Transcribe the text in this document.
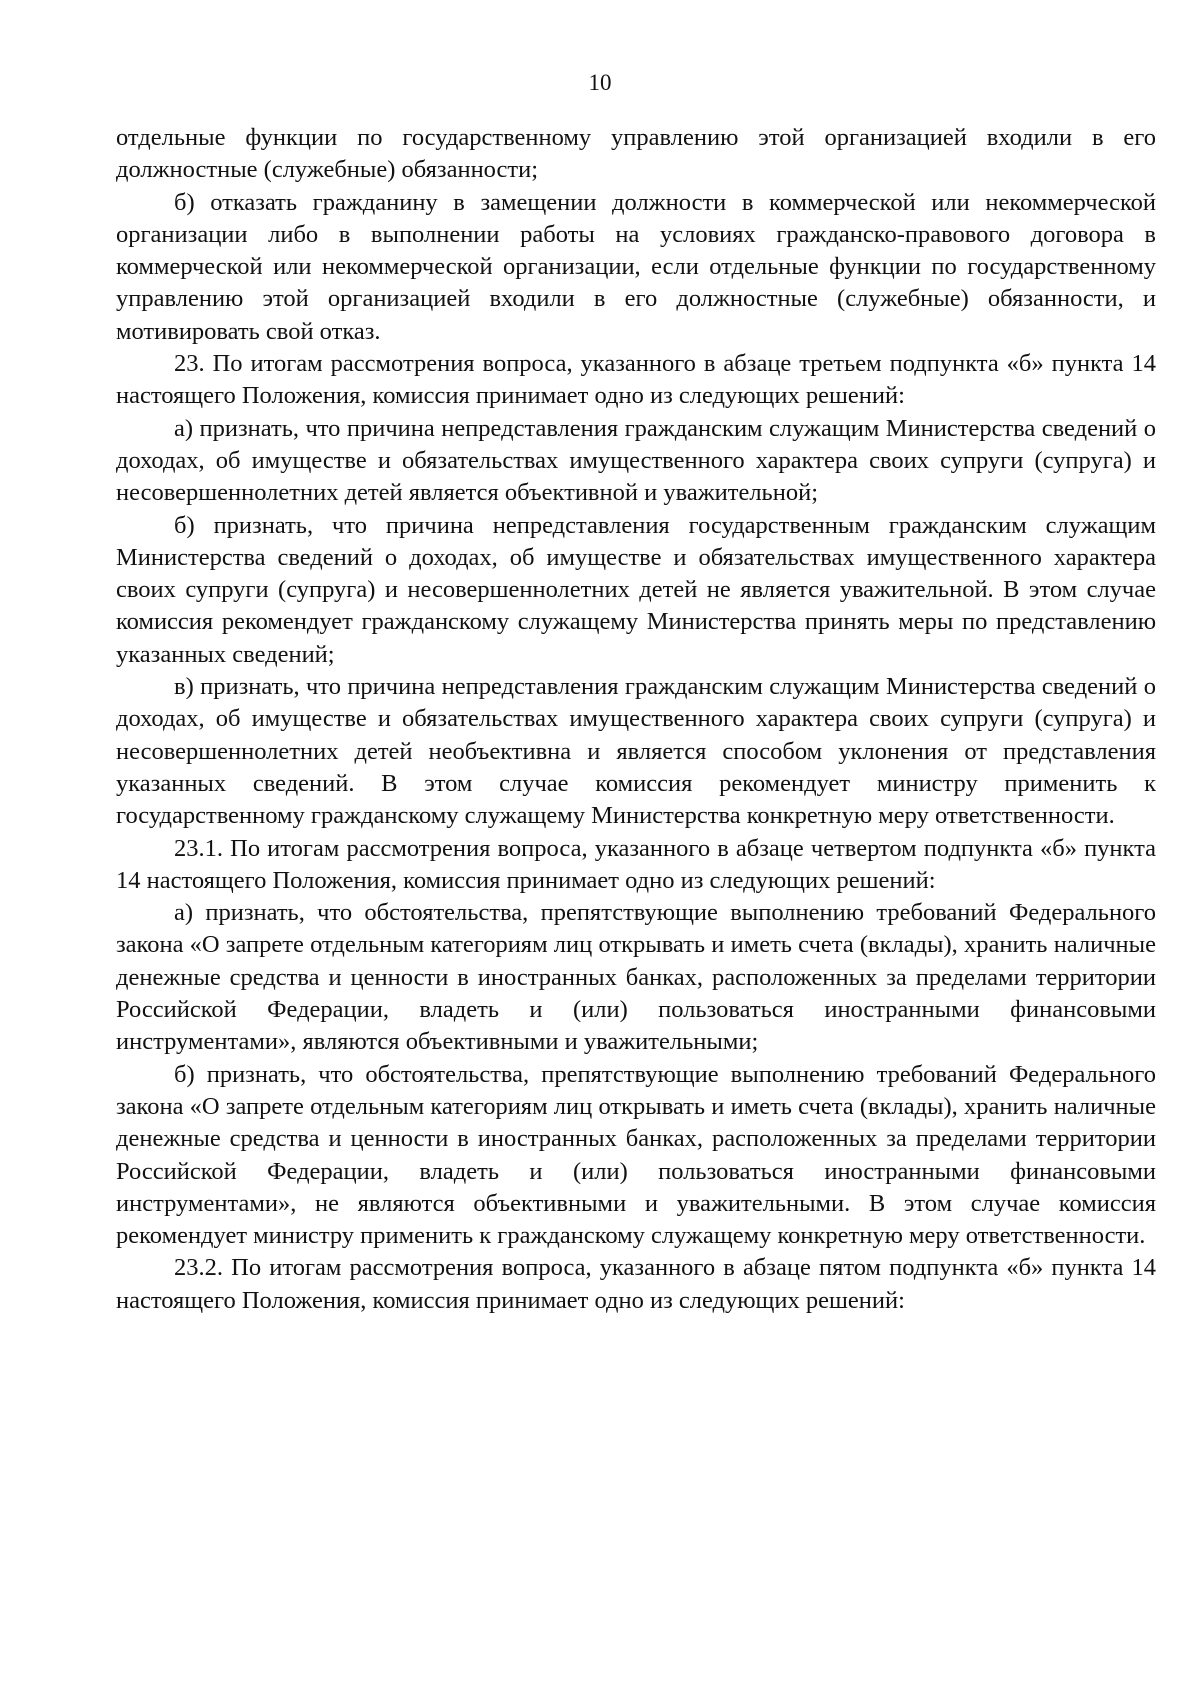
10

отдельные функции по государственному управлению этой организацией входили в его должностные (служебные) обязанности;

б) отказать гражданину в замещении должности в коммерческой или некоммерческой организации либо в выполнении работы на условиях гражданско-правового договора в коммерческой или некоммерческой организации, если отдельные функции по государственному управлению этой организацией входили в его должностные (служебные) обязанности, и мотивировать свой отказ.

23. По итогам рассмотрения вопроса, указанного в абзаце третьем подпункта «б» пункта 14 настоящего Положения, комиссия принимает одно из следующих решений:

а) признать, что причина непредставления гражданским служащим Министерства сведений о доходах, об имуществе и обязательствах имущественного характера своих супруги (супруга) и несовершеннолетних детей является объективной и уважительной;

б) признать, что причина непредставления государственным гражданским служащим Министерства сведений о доходах, об имуществе и обязательствах имущественного характера своих супруги (супруга) и несовершеннолетних детей не является уважительной. В этом случае комиссия рекомендует гражданскому служащему Министерства принять меры по представлению указанных сведений;

в) признать, что причина непредставления гражданским служащим Министерства сведений о доходах, об имуществе и обязательствах имущественного характера своих супруги (супруга) и несовершеннолетних детей необъективна и является способом уклонения от представления указанных сведений. В этом случае комиссия рекомендует министру применить к государственному гражданскому служащему Министерства конкретную меру ответственности.

23.1. По итогам рассмотрения вопроса, указанного в абзаце четвертом подпункта «б» пункта 14 настоящего Положения, комиссия принимает одно из следующих решений:

а) признать, что обстоятельства, препятствующие выполнению требований Федерального закона «О запрете отдельным категориям лиц открывать и иметь счета (вклады), хранить наличные денежные средства и ценности в иностранных банках, расположенных за пределами территории Российской Федерации, владеть и (или) пользоваться иностранными финансовыми инструментами», являются объективными и уважительными;

б) признать, что обстоятельства, препятствующие выполнению требований Федерального закона «О запрете отдельным категориям лиц открывать и иметь счета (вклады), хранить наличные денежные средства и ценности в иностранных банках, расположенных за пределами территории Российской Федерации, владеть и (или) пользоваться иностранными финансовыми инструментами», не являются объективными и уважительными. В этом случае комиссия рекомендует министру применить к гражданскому служащему конкретную меру ответственности.

23.2. По итогам рассмотрения вопроса, указанного в абзаце пятом подпункта «б» пункта 14 настоящего Положения, комиссия принимает одно из следующих решений:
